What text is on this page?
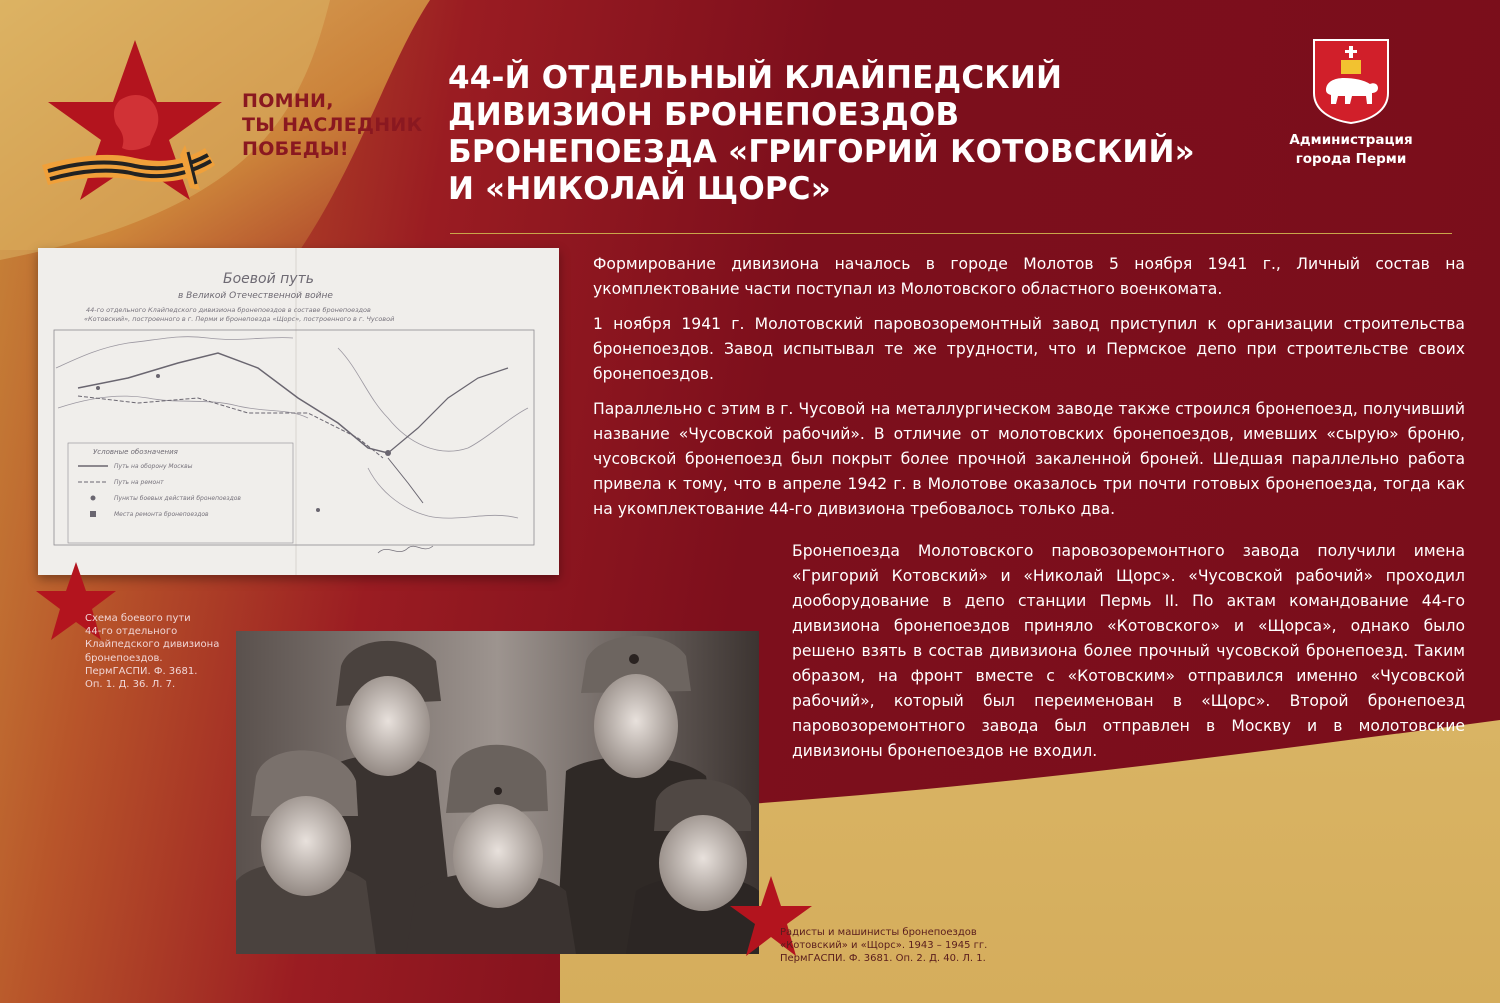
ПОМНИ,
ТЫ НАСЛЕДНИК
ПОБЕДЫ!
44-Й ОТДЕЛЬНЫЙ КЛАЙПЕДСКИЙ
ДИВИЗИОН БРОНЕПОЕЗДОВ
БРОНЕПОЕЗДА «ГРИГОРИЙ КОТОВСКИЙ»
И «НИКОЛАЙ ЩОРС»
Администрация
города Перми

Формирование дивизиона началось в городе Молотов 5 ноября 1941 г., Личный состав на укомплектование части поступал из Молотовского областного военкомата.

1 ноября 1941 г. Молотовский паровозоремонтный завод приступил к организации строительства бронепоездов. Завод испытывал те же трудности, что и Пермское депо при строительстве своих бронепоездов.

Параллельно с этим в г. Чусовой на металлургическом заводе также строился бронепоезд, получивший название «Чусовской рабочий». В отличие от молотовских бронепоездов, имевших «сырую» броню, чусовской бронепоезд был покрыт более прочной закаленной броней. Шедшая параллельно работа привела к тому, что в апреле 1942 г. в Молотове оказалось три почти готовых бронепоезда, тогда как на укомплектование 44-го дивизиона требовалось только два.

Бронепоезда Молотовского паровозоремонтного завода получили имена «Григорий Котовский» и «Николай Щорс». «Чусовской рабочий» проходил дооборудование в депо станции Пермь II. По актам командование 44-го дивизиона бронепоездов приняло «Котовского» и «Щорса», однако было решено взять в состав дивизиона более прочный чусовской бронепоезд. Таким образом, на фронт вместе с «Котовским» отправился именно «Чусовской рабочий», который был переименован в «Щорс». Второй бронепоезд паровозоремонтного завода был отправлен в Москву и в молотовские дивизионы бронепоездов не входил.

Боевой путь
в Великой Отечественной войне
44-го отдельного Клайпедского дивизиона бронепоездов в составе бронепоездов
«Котовский», построенного в г. Перми и бронепоезда «Щорс», построенного в г. Чусовой
Условные обозначения
Путь на оборону Москвы
Путь на ремонт
Пункты боевых действий бронепоездов
Места ремонта бронепоездов
Схема боевого пути
44-го отдельного
Клайпедского дивизиона
бронепоездов.
ПермГАСПИ. Ф. 3681.
Оп. 1. Д. 36. Л. 7.
Радисты и машинисты бронепоездов
«Котовский» и «Щорс». 1943 – 1945 гг.
ПермГАСПИ. Ф. 3681. Оп. 2. Д. 40. Л. 1.
